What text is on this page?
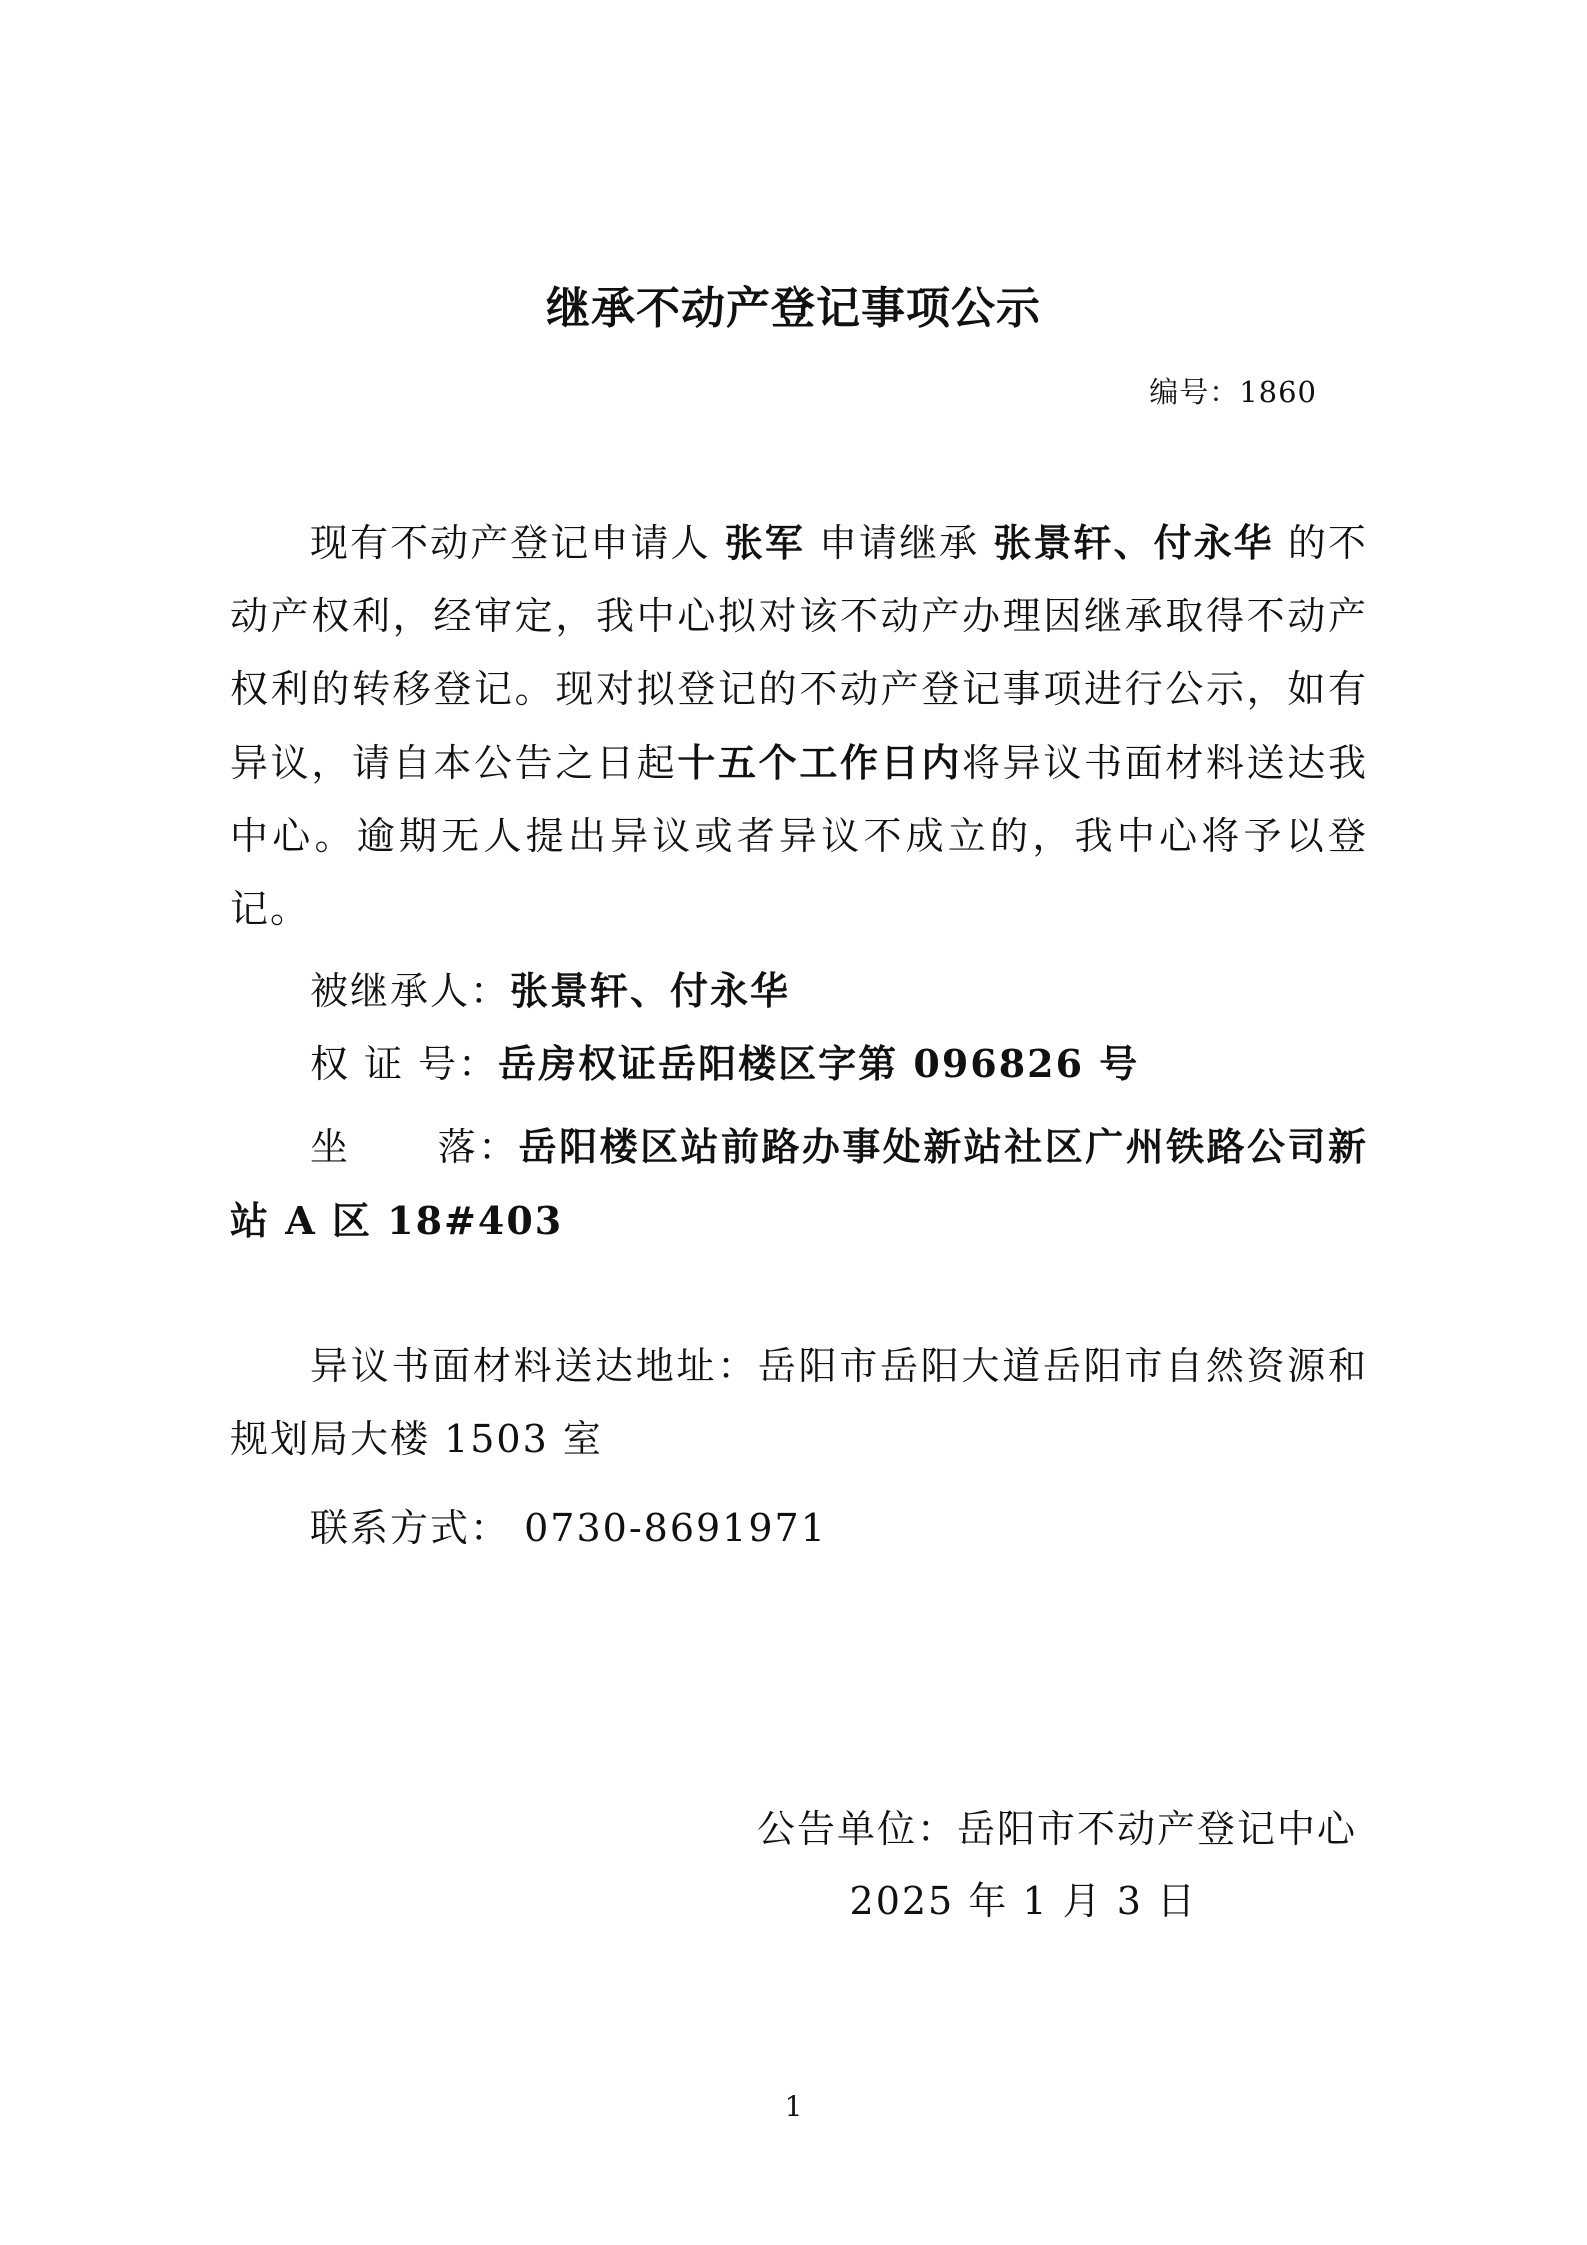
继承不动产登记事项公示
编号：1860
现有不动产登记申请人 张军 申请继承 张景轩、付永华 的不动产权利，经审定，我中心拟对该不动产办理因继承取得不动产权利的转移登记。现对拟登记的不动产登记事项进行公示，如有异议，请自本公告之日起十五个工作日内将异议书面材料送达我中心。逾期无人提出异议或者异议不成立的，我中心将予以登记。
被继承人：张景轩、付永华
权 证 号：岳房权证岳阳楼区字第 096826 号
坐      落：岳阳楼区站前路办事处新站社区广州铁路公司新站 A 区 18#403
异议书面材料送达地址：岳阳市岳阳大道岳阳市自然资源和规划局大楼 1503 室
联系方式： 0730-8691971
公告单位：岳阳市不动产登记中心
2025 年 1 月 3 日
1
